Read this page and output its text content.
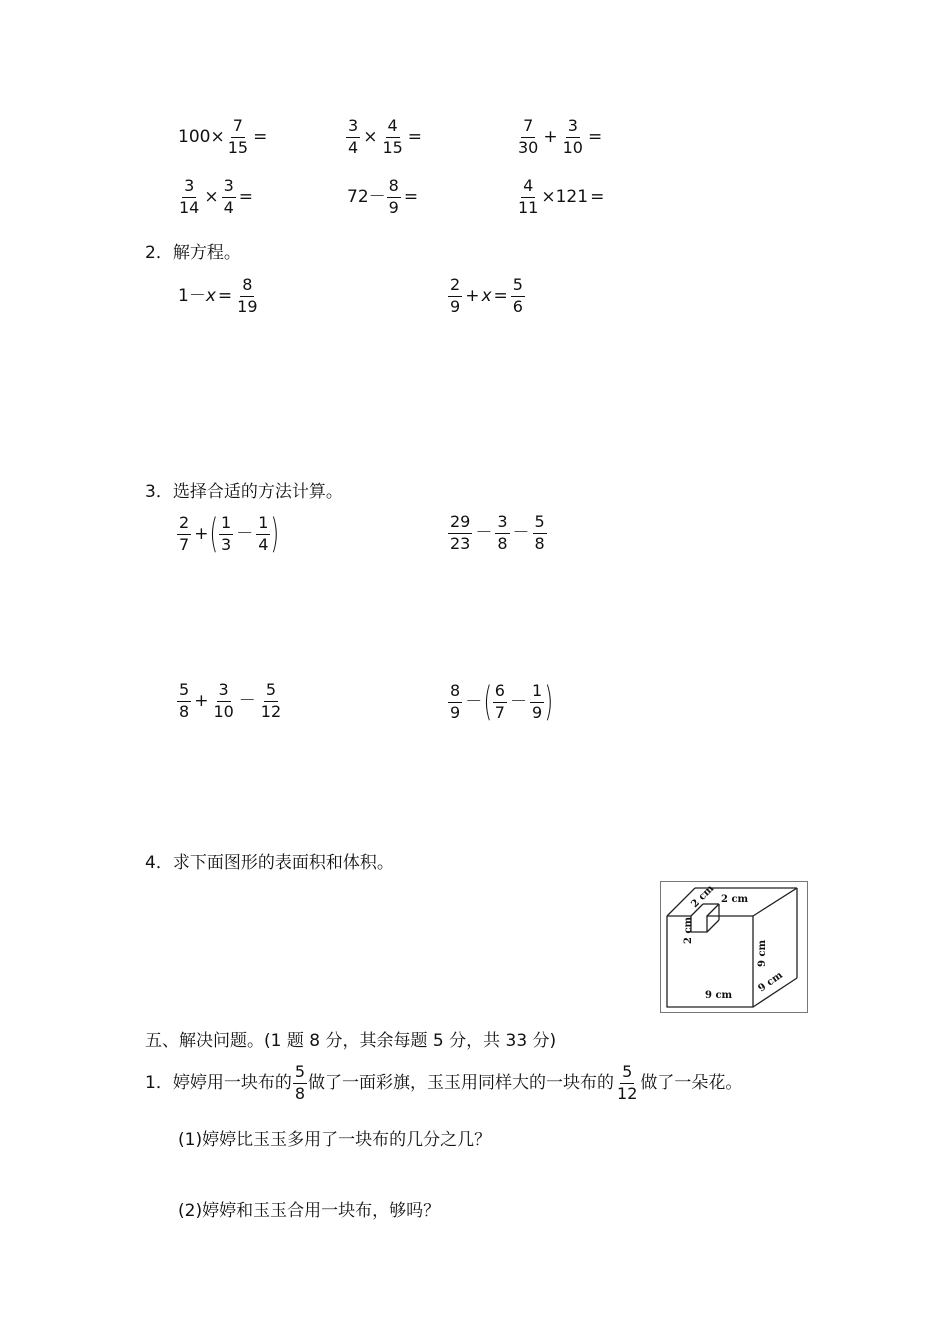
$100\times \frac{7}{15}$ =	$\frac{3}{4} \times \frac{4}{15}$ =	$\frac{7}{30} + \frac{3}{10}$ =
$\frac{3}{14} \times \frac{3}{4}$ =	$72- \frac{8}{9}$ =	$\frac{4}{11} \times 121$ =
2．解方程。
$1- x = \frac{8}{19}$	$\frac{2}{9} + x = \frac{5}{6}$
3．选择合适的方法计算。
$\frac{2}{7}$ + ( $\frac{1}{3} - \frac{1}{4}$ )	$\frac{29}{23} - \frac{3}{8} - \frac{5}{8}$
$\frac{5}{8} + \frac{3}{10} - \frac{5}{12}$	$\frac{8}{9}$ － ( $\frac{6}{7} - \frac{1}{9}$ )
4．求下面图形的表面积和体积。
2 cm 2 cm
2 cm
9 cm
9 cm
9 cm
五、解决问题。(1 题 8 分，其余每题 5 分，共 33 分)
1．婷婷用一块布的 $\frac{5}{8}$ 做了一面彩旗，玉玉用同样大的一块布的 $\frac{5}{12}$ 做了一朵花。
(1)婷婷比玉玉多用了一块布的几分之几？
(2)婷婷和玉玉合用一块布，够吗？
